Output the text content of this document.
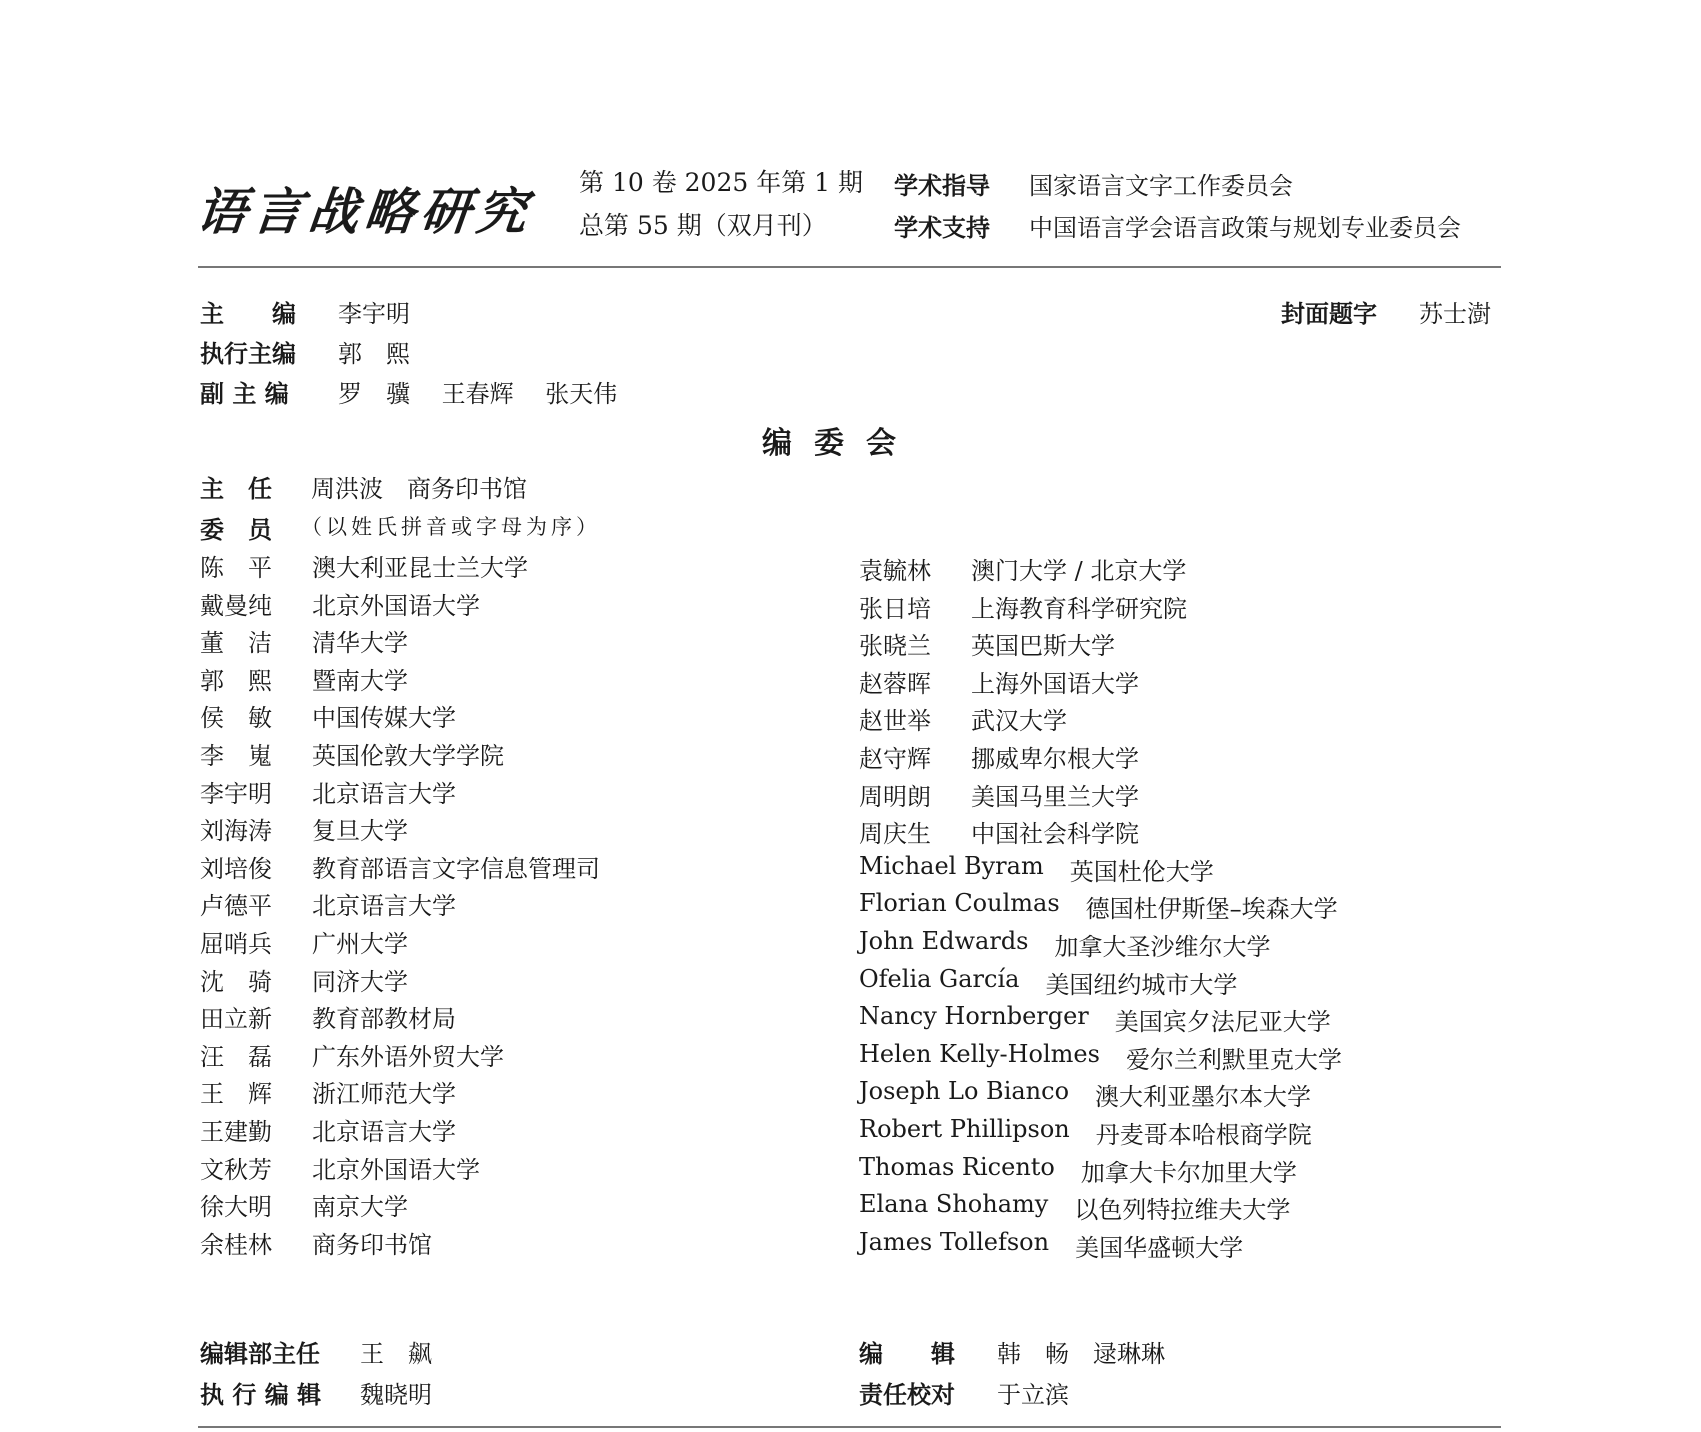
语言战略研究 第 10 卷 2025 年第 1 期
总第 55 期（双月刊）
学术指导 国家语言文字工作委员会
学术支持 中国语言学会语言政策与规划专业委员会
主　　编 李宇明
执行主编 郭　熙
副 主 编 罗　骥　 王春辉　 张天伟
封面题字 苏士澍
编委会
主　任 周洪波　商务印书馆
委　员 （以姓氏拼音或字母为序）
陈　平	澳大利亚昆士兰大学
戴曼纯	北京外国语大学
董　洁	清华大学
郭　熙	暨南大学
侯　敏	中国传媒大学
李　嵬	英国伦敦大学学院
李宇明	北京语言大学
刘海涛	复旦大学
刘培俊	教育部语言文字信息管理司
卢德平	北京语言大学
屈哨兵	广州大学
沈　骑	同济大学
田立新	教育部教材局
汪　磊	广东外语外贸大学
王　辉	浙江师范大学
王建勤	北京语言大学
文秋芳	北京外国语大学
徐大明	南京大学
余桂林	商务印书馆
袁毓林	澳门大学 / 北京大学
张日培	上海教育科学研究院
张晓兰	英国巴斯大学
赵蓉晖	上海外国语大学
赵世举	武汉大学
赵守辉	挪威卑尔根大学
周明朗	美国马里兰大学
周庆生	中国社会科学院
Michael Byram 英国杜伦大学
Florian Coulmas 德国杜伊斯堡–埃森大学
John Edwards 加拿大圣沙维尔大学
Ofelia García 美国纽约城市大学
Nancy Hornberger 美国宾夕法尼亚大学
Helen Kelly-Holmes 爱尔兰利默里克大学
Joseph Lo Bianco 澳大利亚墨尔本大学
Robert Phillipson 丹麦哥本哈根商学院
Thomas Ricento 加拿大卡尔加里大学
Elana Shohamy 以色列特拉维夫大学
James Tollefson 美国华盛顿大学
编辑部主任 王　飙
执 行 编 辑 魏晓明
编　　辑 韩　畅　逯琳琳
责任校对 于立滨
